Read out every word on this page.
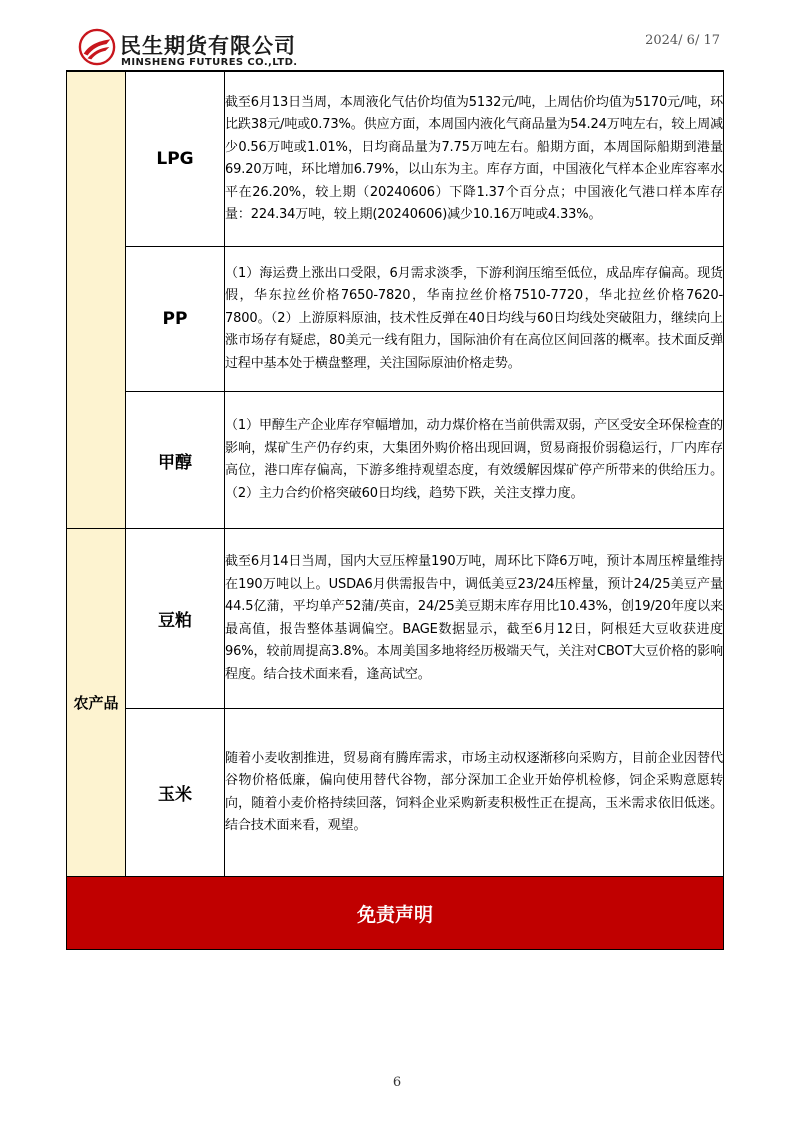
民生期货有限公司
MINSHENG FUTURES CO.,LTD.
2024/ 6/ 17
	LPG	截至6月13日当周，本周液化气估价均值为5132元/吨，上周估价均值为5170元/吨，环比跌38元/吨或0.73%。供应方面，本周国内液化气商品量为54.24万吨左右，较上周减少0.56万吨或1.01%，日均商品量为7.75万吨左右。船期方面，本周国际船期到港量69.20万吨，环比增加6.79%，以山东为主。库存方面，中国液化气样本企业库容率水平在26.20%，较上期（20240606）下降1.37个百分点；中国液化气港口样本库存量：224.34万吨，较上期(20240606)减少10.16万吨或4.33%。
	PP	（1）海运费上涨出口受限，6月需求淡季，下游利润压缩至低位，成品库存偏高。现货假，华东拉丝价格7650-7820，华南拉丝价格7510-7720，华北拉丝价格7620-7800。（2）上游原料原油，技术性反弹在40日均线与60日均线处突破阻力，继续向上涨市场存有疑虑，80美元一线有阻力，国际油价有在高位区间回落的概率。技术面反弹过程中基本处于横盘整理，关注国际原油价格走势。
	甲醇	（1）甲醇生产企业库存窄幅增加，动力煤价格在当前供需双弱，产区受安全环保检查的影响，煤矿生产仍存约束，大集团外购价格出现回调，贸易商报价弱稳运行，厂内库存高位，港口库存偏高，下游多维持观望态度，有效缓解因煤矿停产所带来的供给压力。（2）主力合约价格突破60日均线，趋势下跌，关注支撑力度。
农产品	豆粕	截至6月14日当周，国内大豆压榨量190万吨，周环比下降6万吨，预计本周压榨量维持在190万吨以上。USDA6月供需报告中，调低美豆23/24压榨量，预计24/25美豆产量44.5亿蒲，平均单产52蒲/英亩，24/25美豆期末库存用比10.43%，创19/20年度以来最高值，报告整体基调偏空。BAGE数据显示，截至6月12日，阿根廷大豆收获进度96%，较前周提高3.8%。本周美国多地将经历极端天气，关注对CBOT大豆价格的影响程度。结合技术面来看，逢高试空。
	玉米	随着小麦收割推进，贸易商有腾库需求，市场主动权逐渐移向采购方，目前企业因替代谷物价格低廉，偏向使用替代谷物，部分深加工企业开始停机检修，饲企采购意愿转向，随着小麦价格持续回落，饲料企业采购新麦积极性正在提高，玉米需求依旧低迷。结合技术面来看，观望。
免责声明		
6
